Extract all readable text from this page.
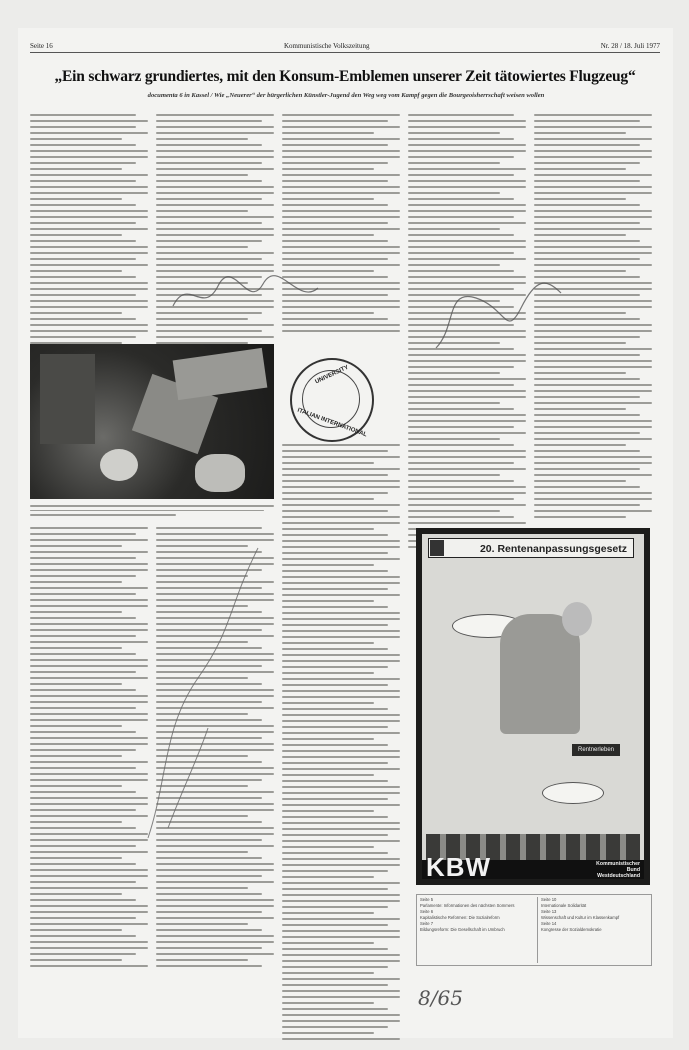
Seite 16	Kommunistische Volkszeitung	Nr. 28 / 18. Juli 1977
„Ein schwarz grundiertes, mit den Konsum-Emblemen unserer Zeit tätowiertes Flugzeug“
documenta 6 in Kassel / Wie „Neuerer“ der bürgerlichen Künstler-Jugend den Weg weg vom Kampf gegen die Bourgeoisherrschaft weisen wollen
UNIVERSITY
ITALIAN INTERNATIONAL
20. Rentenanpassungsgesetz
Rentnerleben
KBW	Kommunistischer
Bund
Westdeutschland
Seite 5
Parlamente: Informationen des nächsten Sommers
Seite 6
Kapitalistische Reformen: Die Sozialreform
Seite 7
Bildungsreform: Die Gesellschaft im Umbruch
Seite 10
Internationale Solidarität
Seite 13
Wissenschaft und Kultur im Klassenkampf
Seite 14
Kongresse der Sozialdemokratie
8/65
